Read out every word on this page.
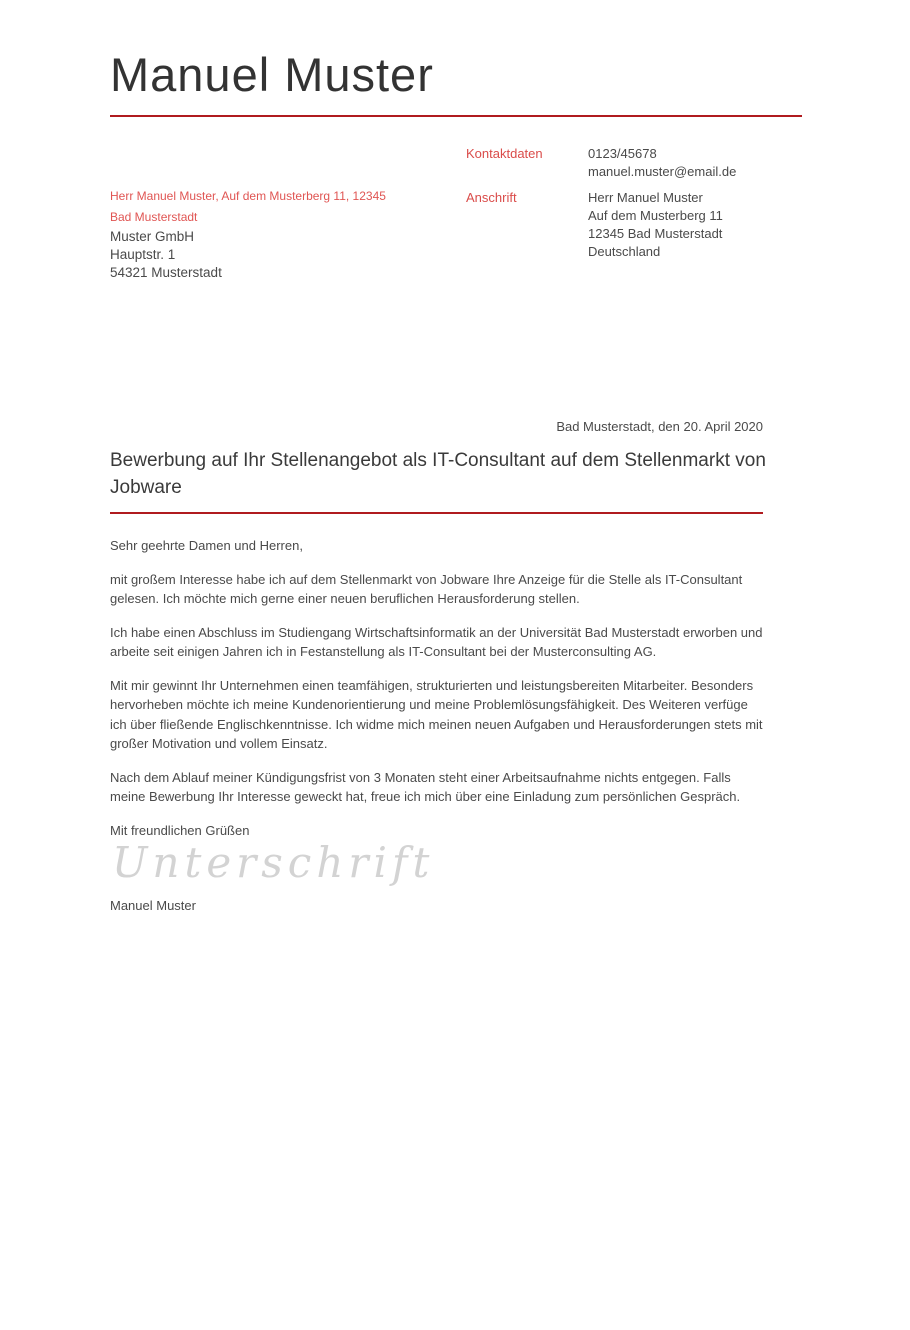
Manuel Muster
Kontaktdaten	0123/45678
manuel.muster@email.de
Herr Manuel Muster, Auf dem Musterberg 11, 12345 Bad Musterstadt
Muster GmbH
Hauptstr. 1
54321 Musterstadt
Anschrift	Herr Manuel Muster
Auf dem Musterberg 11
12345 Bad Musterstadt
Deutschland
Bad Musterstadt, den 20. April 2020
Bewerbung auf Ihr Stellenangebot als IT-Consultant auf dem Stellenmarkt von Jobware

Sehr geehrte Damen und Herren,

mit großem Interesse habe ich auf dem Stellenmarkt von Jobware Ihre Anzeige für die Stelle als IT-Consultant gelesen. Ich möchte mich gerne einer neuen beruflichen Herausforderung stellen.

Ich habe einen Abschluss im Studiengang Wirtschaftsinformatik an der Universität Bad Musterstadt erworben und arbeite seit einigen Jahren ich in Festanstellung als IT-Consultant bei der Musterconsulting AG.

Mit mir gewinnt Ihr Unternehmen einen teamfähigen, strukturierten und leistungsbereiten Mitarbeiter. Besonders hervorheben möchte ich meine Kundenorientierung und meine Problemlösungsfähigkeit. Des Weiteren verfüge ich über fließende Englischkenntnisse. Ich widme mich meinen neuen Aufgaben und Herausforderungen stets mit großer Motivation und vollem Einsatz.

Nach dem Ablauf meiner Kündigungsfrist von 3 Monaten steht einer Arbeitsaufnahme nichts entgegen. Falls meine Bewerbung Ihr Interesse geweckt hat, freue ich mich über eine Einladung zum persönlichen Gespräch.

Mit freundlichen Grüßen

Unterschrift
Manuel Muster
